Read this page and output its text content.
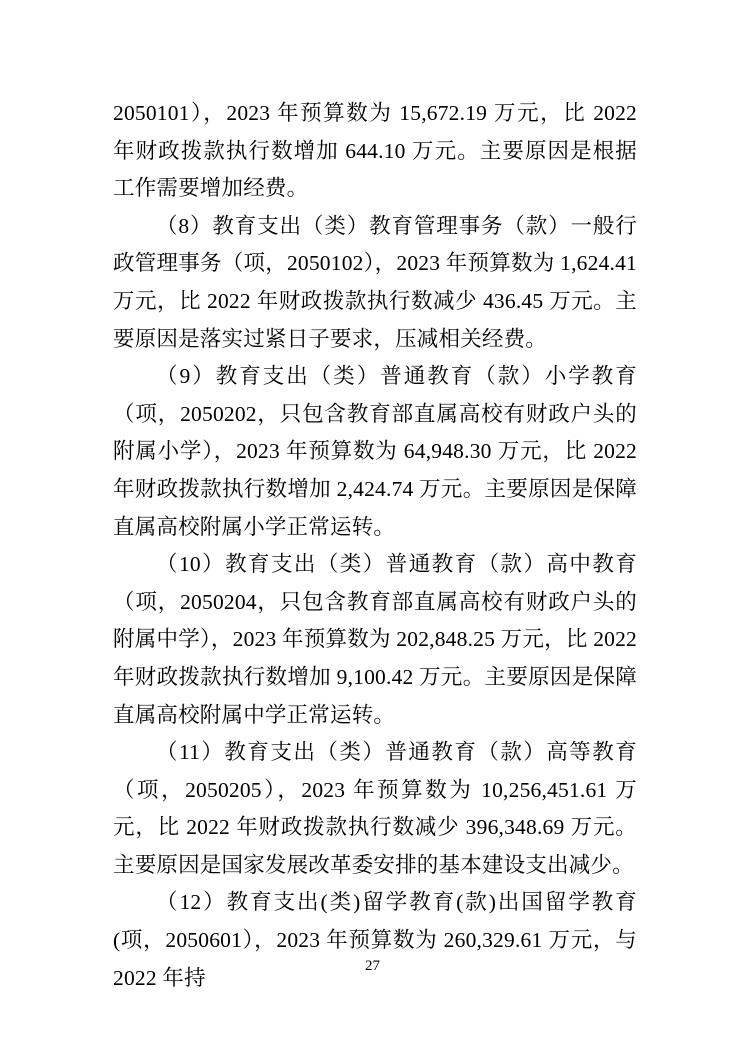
2050101），2023 年预算数为 15,672.19 万元，比 2022 年财政拨款执行数增加 644.10 万元。主要原因是根据工作需要增加经费。

（8）教育支出（类）教育管理事务（款）一般行政管理事务（项，2050102），2023 年预算数为 1,624.41 万元，比 2022 年财政拨款执行数减少 436.45 万元。主要原因是落实过紧日子要求，压减相关经费。

（9）教育支出（类）普通教育（款）小学教育（项，2050202，只包含教育部直属高校有财政户头的附属小学），2023 年预算数为 64,948.30 万元，比 2022 年财政拨款执行数增加 2,424.74 万元。主要原因是保障直属高校附属小学正常运转。

（10）教育支出（类）普通教育（款）高中教育（项，2050204，只包含教育部直属高校有财政户头的附属中学），2023 年预算数为 202,848.25 万元，比 2022 年财政拨款执行数增加 9,100.42 万元。主要原因是保障直属高校附属中学正常运转。

（11）教育支出（类）普通教育（款）高等教育（项，2050205），2023 年预算数为 10,256,451.61 万元，比 2022 年财政拨款执行数减少 396,348.69 万元。主要原因是国家发展改革委安排的基本建设支出减少。

（12）教育支出(类)留学教育(款)出国留学教育(项，2050601），2023 年预算数为 260,329.61 万元，与 2022 年持	27
